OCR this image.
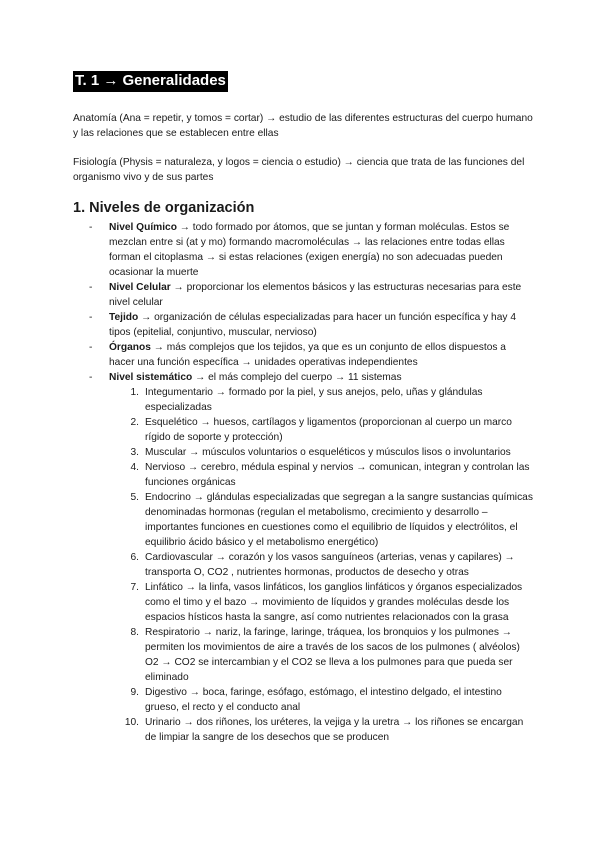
T. 1 → Generalidades

Anatomía (Ana = repetir, y tomos = cortar) → estudio de las diferentes estructuras del cuerpo humano y las relaciones que se establecen entre ellas

Fisiología (Physis = naturaleza, y logos = ciencia o estudio) → ciencia que trata de las funciones del organismo vivo y de sus partes

1. Niveles de organización
- Nivel Químico → todo formado por átomos, que se juntan y forman moléculas. Estos se mezclan entre si (at y mo) formando macromoléculas → las relaciones entre todas ellas forman el citoplasma → si estas relaciones (exigen energía) no son adecuadas pueden ocasionar la muerte
- Nivel Celular → proporcionar los elementos básicos y las estructuras necesarias para este nivel celular
- Tejido → organización de células especializadas para hacer un función específica y hay 4 tipos (epitelial, conjuntivo, muscular, nervioso)
- Órganos → más complejos que los tejidos, ya que es un conjunto de ellos dispuestos a hacer una función específica → unidades operativas independientes
- Nivel sistemático → el más complejo del cuerpo → 11 sistemas
1. Integumentario → formado por la piel, y sus anejos, pelo, uñas y glándulas especializadas
2. Esquelético → huesos, cartílagos y ligamentos (proporcionan al cuerpo un marco rígido de soporte y protección)
3. Muscular → músculos voluntarios o esqueléticos y músculos lisos o involuntarios
4. Nervioso → cerebro, médula espinal y nervios → comunican, integran y controlan las funciones orgánicas
5. Endocrino → glándulas especializadas que segregan a la sangre sustancias químicas denominadas hormonas (regulan el metabolismo, crecimiento y desarrollo – importantes funciones en cuestiones como el equilibrio de líquidos y electrólitos, el equilibrio ácido básico y el metabolismo energético)
6. Cardiovascular → corazón y los vasos sanguíneos (arterias, venas y capilares) → transporta O, CO2 , nutrientes hormonas, productos de desecho y otras
7. Linfático → la linfa, vasos linfáticos, los ganglios linfáticos y órganos especializados como el timo y el bazo → movimiento de líquidos y grandes moléculas desde los espacios hísticos hasta la sangre, así como nutrientes relacionados con la grasa
8. Respiratorio → nariz, la faringe, laringe, tráquea, los bronquios y los pulmones → permiten los movimientos de aire a través de los sacos de los pulmones ( alvéolos) O2 → CO2 se intercambian y el CO2 se lleva a los pulmones para que pueda ser eliminado
9. Digestivo → boca, faringe, esófago, estómago, el intestino delgado, el intestino grueso, el recto y el conducto anal
10. Urinario → dos riñones, los uréteres, la vejiga y la uretra → los riñones se encargan de limpiar la sangre de los desechos que se producen
